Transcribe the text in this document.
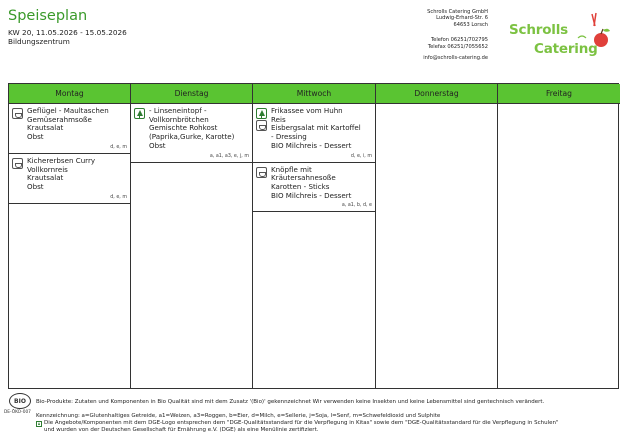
Speiseplan
KW 20, 11.05.2026 - 15.05.2026
Bildungszentrum
Schrolls Catering GmbH
Ludwig-Erhard-Str. 6
64653 Lorsch
Telefon 06251/702795
Telefax 06251/7055652
info@schrolls-catering.de
Schrolls
Catering
Montag
Geflügel - Maultaschen
Gemüserahmsoße
Krautsalat
Obst
d, e, m
Kichererbsen Curry
Vollkornreis
Krautsalat
Obst
d, e, m
Dienstag
- Linseneintopf -
Vollkornbrötchen
Gemischte Rohkost
(Paprika,Gurke, Karotte)
Obst
a, a1, a3, e, j, m
Mittwoch
Frikassee vom Huhn
Reis
Eisbergsalat mit Kartoffel
- Dressing
BIO Milchreis - Dessert
d, e, i, m
Knöpfle mit
Kräutersahnesoße
Karotten - Sticks
BIO Milchreis - Dessert
a, a1, b, d, e
Donnerstag	Freitag
BIO
DE-ÖKO-007
Bio-Produkte: Zutaten und Komponenten in Bio Qualität sind mit dem Zusatz '(Bio)' gekennzeichnet Wir verwenden keine Insekten und keine Lebensmittel sind gentechnisch verändert.
Kennzeichnung: a=Glutenhaltiges Getreide, a1=Weizen, a3=Roggen, b=Eier, d=Milch, e=Sellerie, j=Soja, l=Senf, m=Schwefeldioxid und Sulphite
Die Angebote/Komponenten mit dem DGE-Logo entsprechen dem "DGE-Qualitätsstandard für die Verpflegung in Kitas" sowie dem "DGE-Qualitätsstandard für die Verpflegung in Schulen"
und wurden von der Deutschen Gesellschaft für Ernährung e.V. (DGE) als eine Menülinie zertifiziert.
